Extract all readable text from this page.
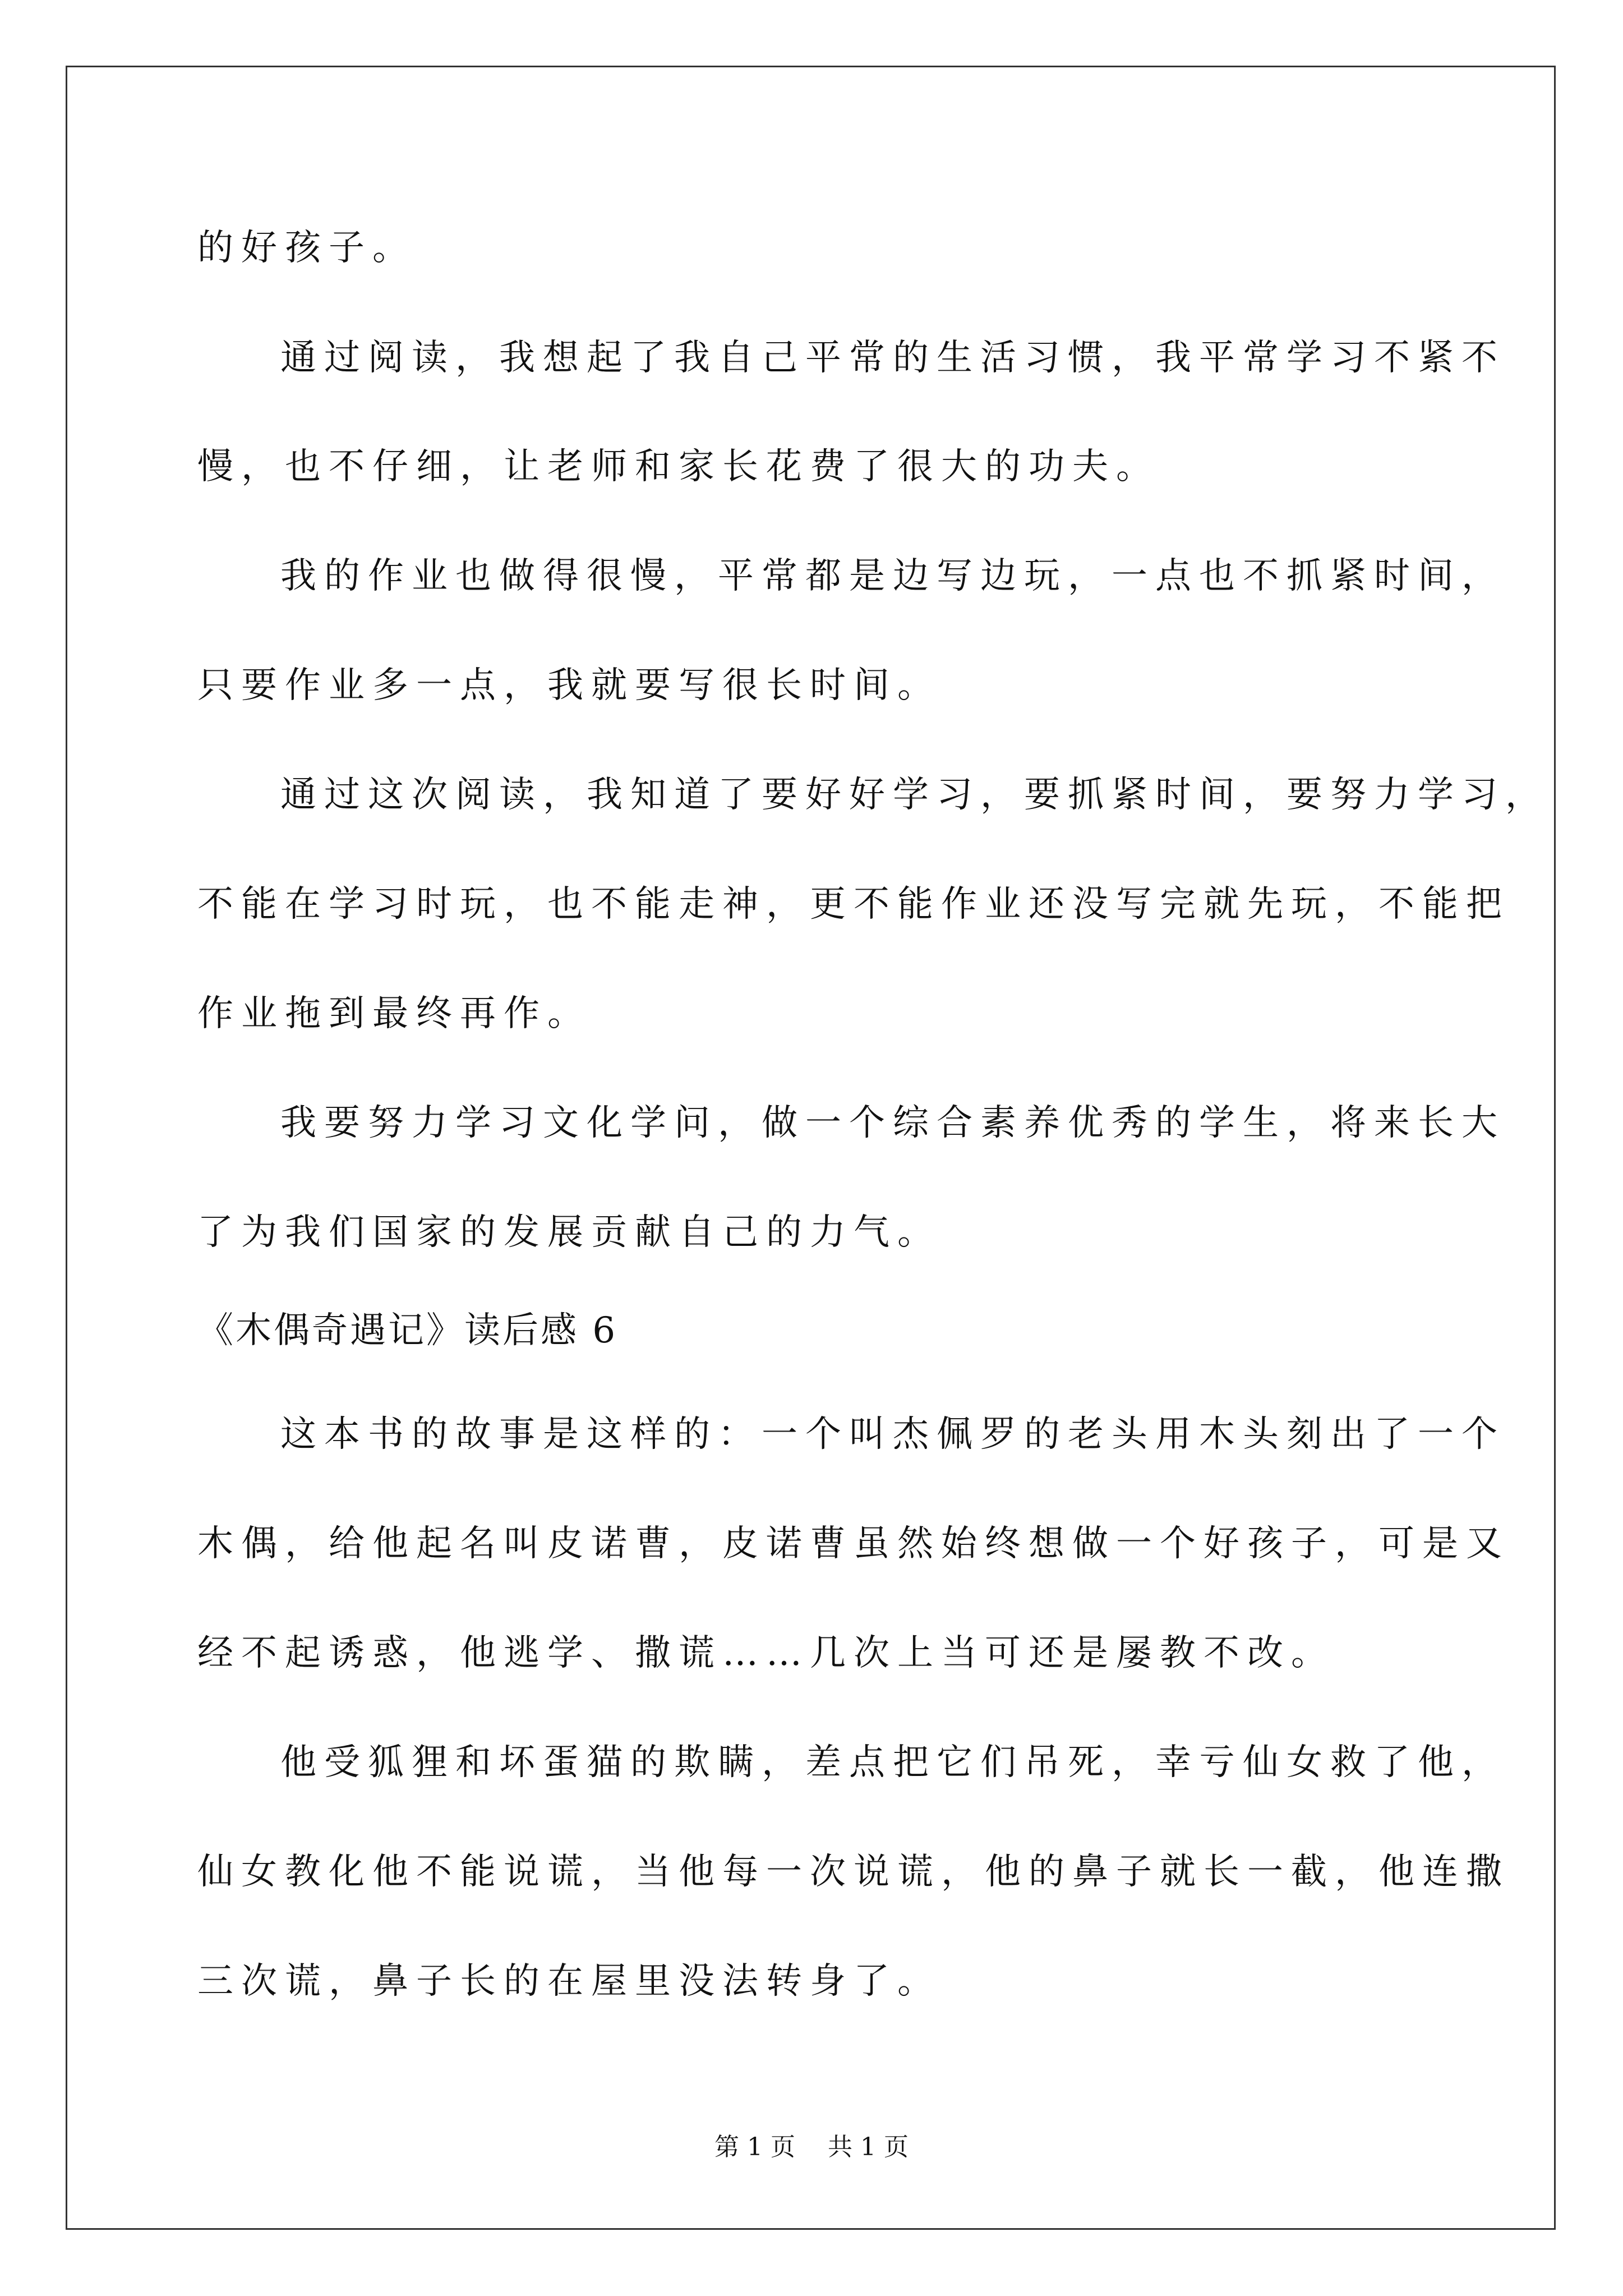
的好孩子。
通过阅读，我想起了我自己平常的生活习惯，我平常学习不紧不
慢，也不仔细，让老师和家长花费了很大的功夫。
我的作业也做得很慢，平常都是边写边玩，一点也不抓紧时间，
只要作业多一点，我就要写很长时间。
通过这次阅读，我知道了要好好学习，要抓紧时间，要努力学习，
不能在学习时玩，也不能走神，更不能作业还没写完就先玩，不能把
作业拖到最终再作。
我要努力学习文化学问，做一个综合素养优秀的学生，将来长大
了为我们国家的发展贡献自己的力气。
《木偶奇遇记》读后感 6
这本书的故事是这样的：一个叫杰佩罗的老头用木头刻出了一个
木偶，给他起名叫皮诺曹，皮诺曹虽然始终想做一个好孩子，可是又
经不起诱惑，他逃学、撒谎……几次上当可还是屡教不改。
他受狐狸和坏蛋猫的欺瞒，差点把它们吊死，幸亏仙女救了他，
仙女教化他不能说谎，当他每一次说谎，他的鼻子就长一截，他连撒
三次谎，鼻子长的在屋里没法转身了。
第 1 页 共 1 页
